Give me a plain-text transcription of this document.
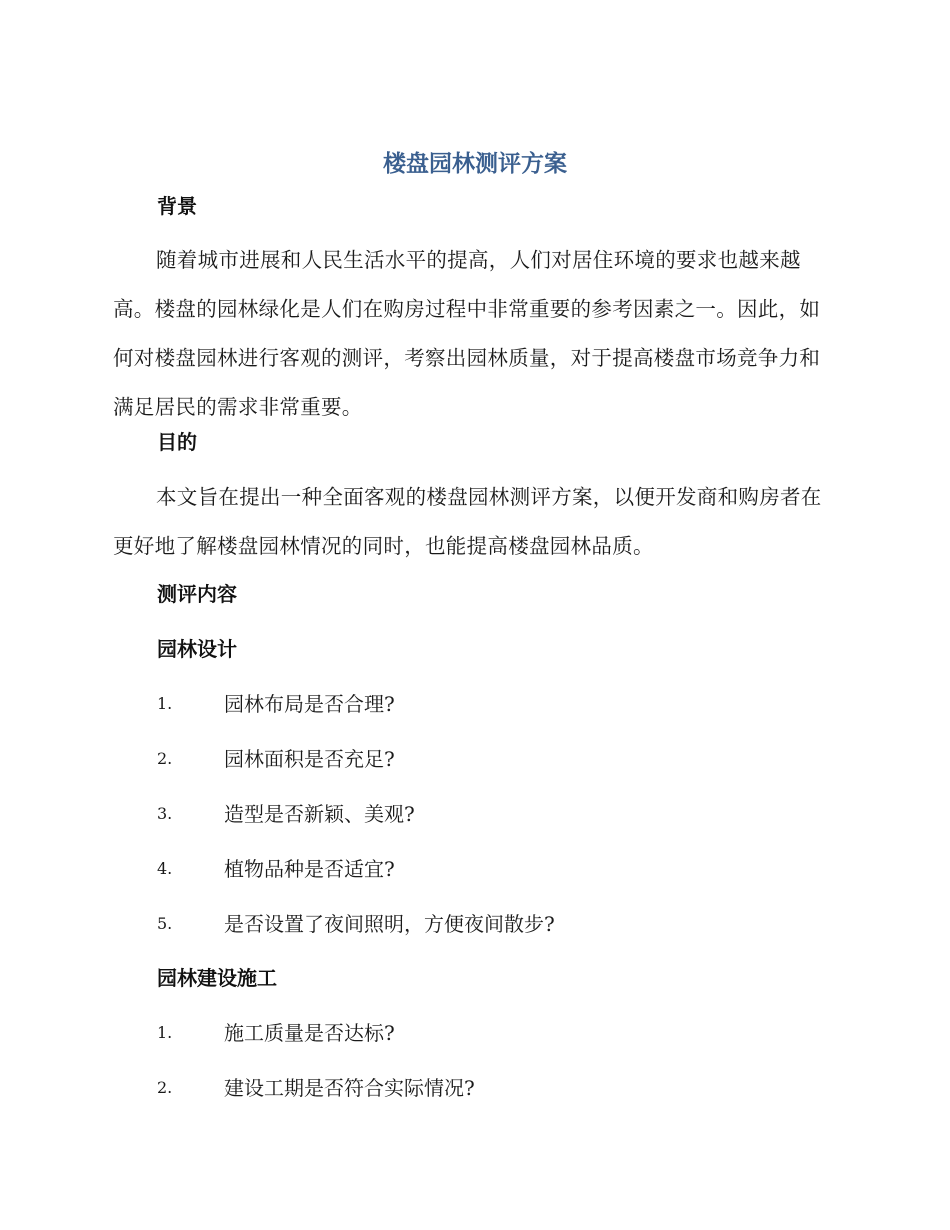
楼盘园林测评方案
背景
随着城市进展和人民生活水平的提高，人们对居住环境的要求也越来越高。楼盘的园林绿化是人们在购房过程中非常重要的参考因素之一。因此，如何对楼盘园林进行客观的测评，考察出园林质量，对于提高楼盘市场竞争力和满足居民的需求非常重要。
目的
本文旨在提出一种全面客观的楼盘园林测评方案，以便开发商和购房者在更好地了解楼盘园林情况的同时，也能提高楼盘园林品质。
测评内容
园林设计
1.	园林布局是否合理?
2.	园林面积是否充足?
3.	造型是否新颖、美观?
4.	植物品种是否适宜?
5.	是否设置了夜间照明，方便夜间散步?
园林建设施工
1.	施工质量是否达标?
2.	建设工期是否符合实际情况?
